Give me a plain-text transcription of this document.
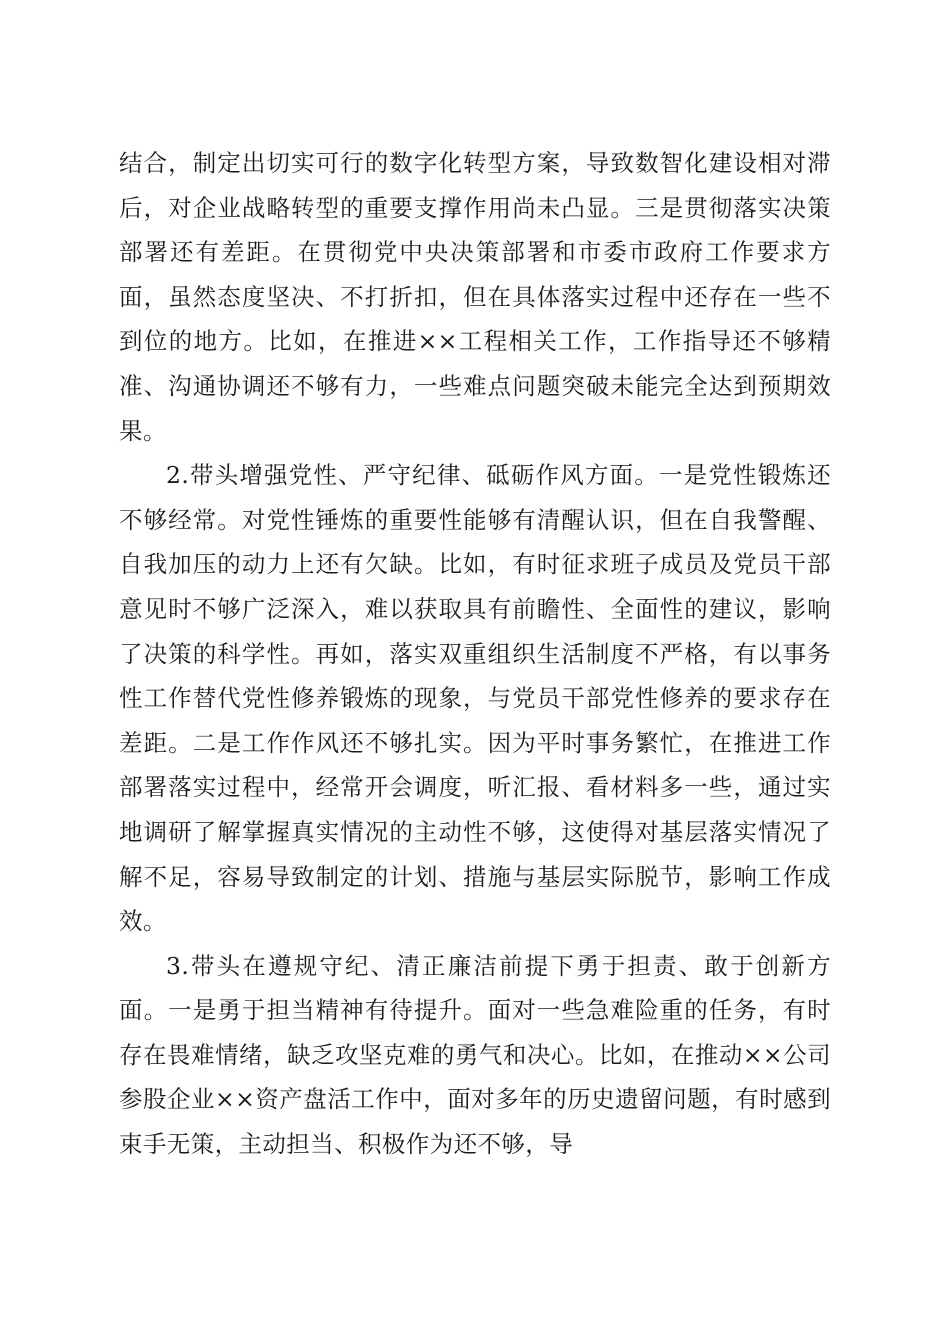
结合，制定出切实可行的数字化转型方案，导致数智化建设相对滞后，对企业战略转型的重要支撑作用尚未凸显。三是贯彻落实决策部署还有差距。在贯彻党中央决策部署和市委市政府工作要求方面，虽然态度坚决、不打折扣，但在具体落实过程中还存在一些不到位的地方。比如，在推进××工程相关工作，工作指导还不够精准、沟通协调还不够有力，一些难点问题突破未能完全达到预期效果。

2.带头增强党性、严守纪律、砥砺作风方面。一是党性锻炼还不够经常。对党性锤炼的重要性能够有清醒认识，但在自我警醒、自我加压的动力上还有欠缺。比如，有时征求班子成员及党员干部意见时不够广泛深入，难以获取具有前瞻性、全面性的建议，影响了决策的科学性。再如，落实双重组织生活制度不严格，有以事务性工作替代党性修养锻炼的现象，与党员干部党性修养的要求存在差距。二是工作作风还不够扎实。因为平时事务繁忙，在推进工作部署落实过程中，经常开会调度，听汇报、看材料多一些，通过实地调研了解掌握真实情况的主动性不够，这使得对基层落实情况了解不足，容易导致制定的计划、措施与基层实际脱节，影响工作成效。

3.带头在遵规守纪、清正廉洁前提下勇于担责、敢于创新方面。一是勇于担当精神有待提升。面对一些急难险重的任务，有时存在畏难情绪，缺乏攻坚克难的勇气和决心。比如，在推动××公司参股企业××资产盘活工作中，面对多年的历史遗留问题，有时感到束手无策，主动担当、积极作为还不够，导
